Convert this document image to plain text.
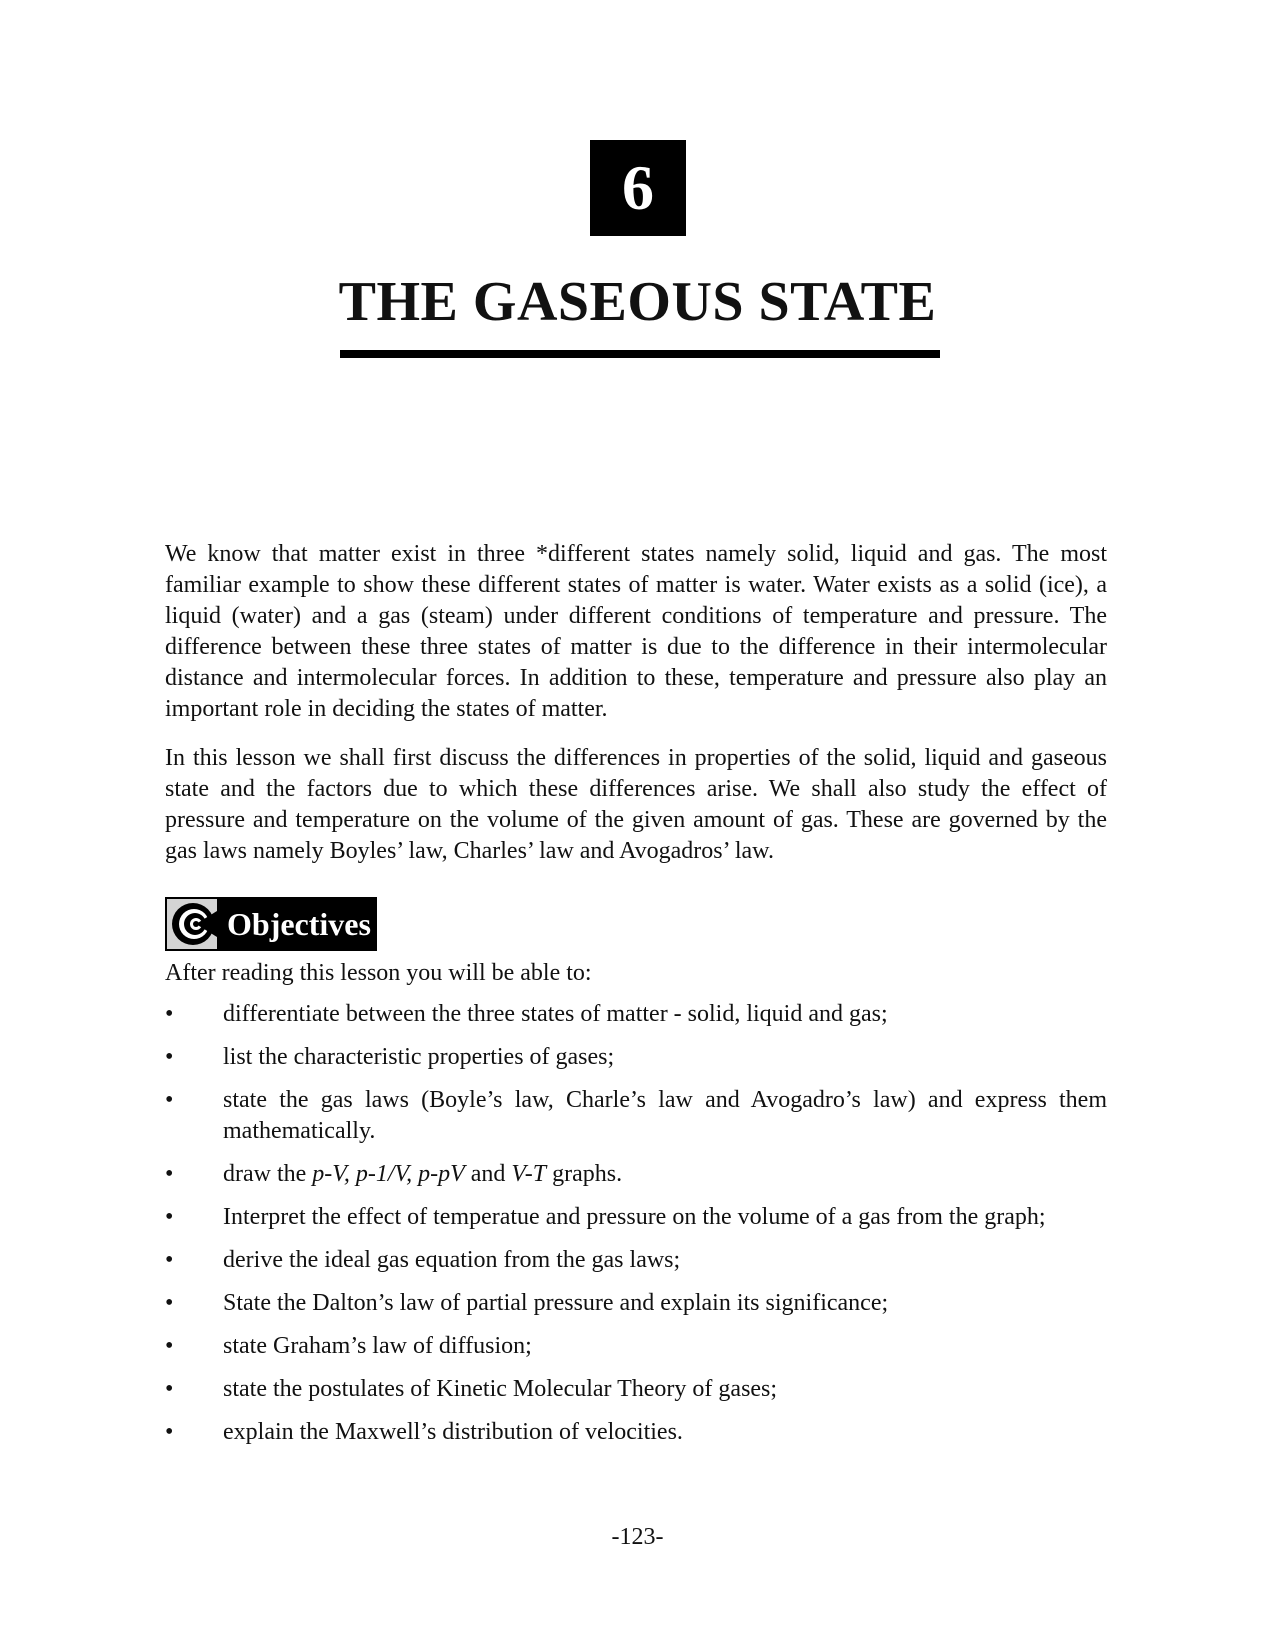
6
THE GASEOUS STATE

We know that matter exist in three *different states namely solid, liquid and gas. The most familiar example to show these different states of matter is water. Water exists as a solid (ice), a liquid (water) and a gas (steam) under different conditions of temperature and pressure. The difference between these three states of matter is due to the difference in their intermolecular distance and intermolecular forces. In addition to these, temperature and pressure also play an important role in deciding the states of matter.

In this lesson we shall first discuss the differences in properties of the solid, liquid and gaseous state and the factors due to which these differences arise. We shall also study the effect of pressure and temperature on the volume of the given amount of gas. These are governed by the gas laws namely Boyles’ law, Charles’ law and Avogadros’ law.

Objectives

After reading this lesson you will be able to:

•	differentiate between the three states of matter - solid, liquid and gas;
•	list the characteristic properties of gases;
•	state the gas laws (Boyle’s law, Charle’s law and Avogadro’s law) and express them mathematically.
•	draw the p-V, p-1/V, p-pV and V-T graphs.
•	Interpret the effect of temperatue and pressure on the volume of a gas from the graph;
•	derive the ideal gas equation from the gas laws;
•	State the Dalton’s law of partial pressure and explain its significance;
•	state Graham’s law of diffusion;
•	state the postulates of Kinetic Molecular Theory of gases;
•	explain the Maxwell’s distribution of velocities.
-123-
